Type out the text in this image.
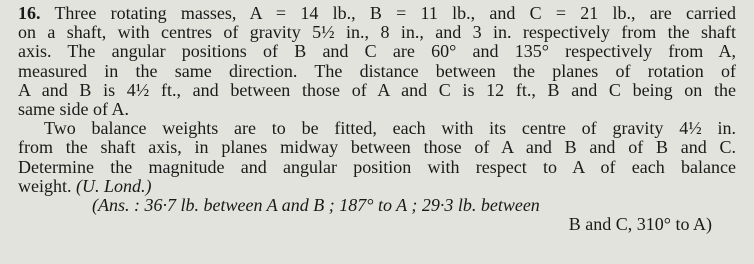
16. Three rotating masses, A = 14 lb., B = 11 lb., and C = 21 lb., are carried
on a shaft, with centres of gravity 5½ in., 8 in., and 3 in. respectively from the shaft
axis. The angular positions of B and C are 60° and 135° respectively from A,
measured in the same direction. The distance between the planes of rotation of
A and B is 4½ ft., and between those of A and C is 12 ft., B and C being on the
same side of A.
Two balance weights are to be fitted, each with its centre of gravity 4½ in.
from the shaft axis, in planes midway between those of A and B and of B and C.
Determine the magnitude and angular position with respect to A of each balance
weight. (U. Lond.)
(Ans. : 36·7 lb. between A and B ; 187° to A ; 29·3 lb. between
B and C, 310° to A)
